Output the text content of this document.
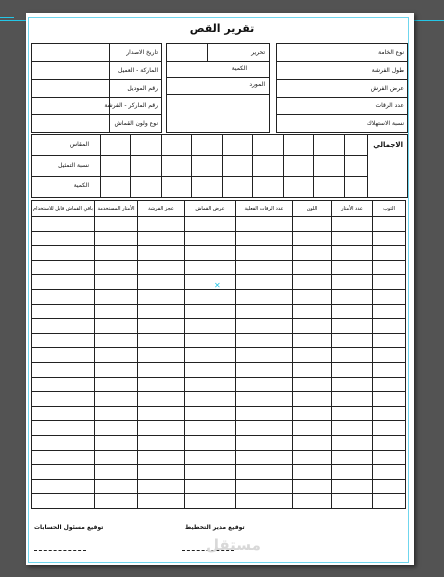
تقرير القص
نوع الخامة
طول الفرشة
عرض الفرش
عدد الرقات
نسبة الاستهلاك
تحرير
الكمية
المورد
تاريخ الاصدار
الماركة - العميل
رقم الموديل
رقم الماركر - الفرشة
نوع ولون القماش
الاجمالي
المقاس
نسبة التمثيل
الكمية
باقي القماش قابل للاستخدام	الأمتار المستخدمة	عجز الفرشة	عرض القماش	عدد الرقات الفعلية	اللون	عدد الأمتار	الثوب

توقيع مدير التخطيط
توقيع مسئول الحسابات
✕
مستقل
